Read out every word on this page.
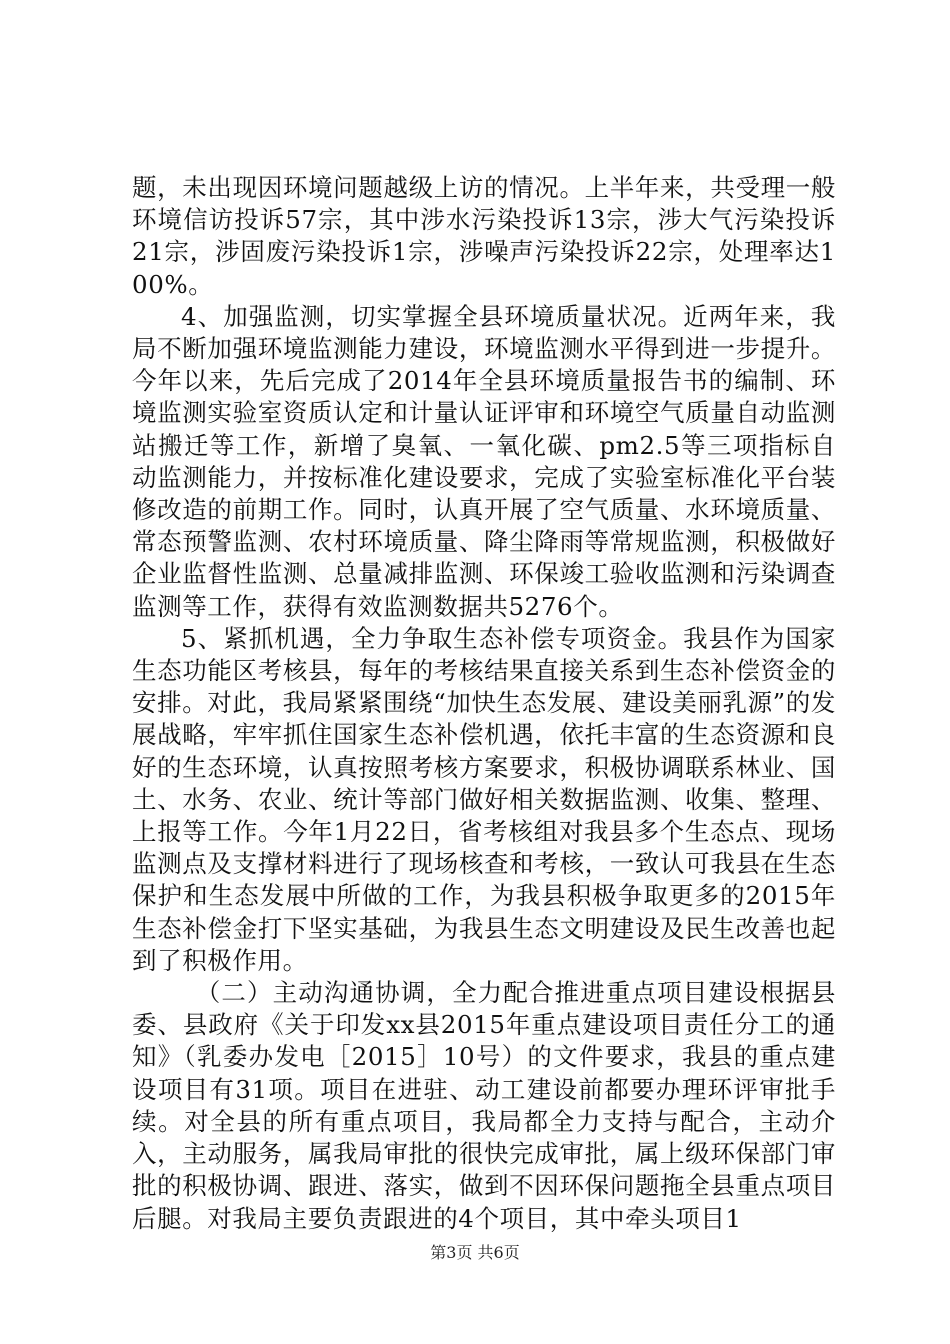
题，未出现因环境问题越级上访的情况。上半年来，共受理一般环境信访投诉57宗，其中涉水污染投诉13宗，涉大气污染投诉21宗，涉固废污染投诉1宗，涉噪声污染投诉22宗，处理率达100%。

4、加强监测，切实掌握全县环境质量状况。近两年来，我局不断加强环境监测能力建设，环境监测水平得到进一步提升。今年以来，先后完成了2014年全县环境质量报告书的编制、环境监测实验室资质认定和计量认证评审和环境空气质量自动监测站搬迁等工作，新增了臭氧、一氧化碳、pm2.5等三项指标自动监测能力，并按标准化建设要求，完成了实验室标准化平台装修改造的前期工作。同时，认真开展了空气质量、水环境质量、常态预警监测、农村环境质量、降尘降雨等常规监测，积极做好企业监督性监测、总量减排监测、环保竣工验收监测和污染调查监测等工作，获得有效监测数据共5276个。

5、紧抓机遇，全力争取生态补偿专项资金。我县作为国家生态功能区考核县，每年的考核结果直接关系到生态补偿资金的安排。对此，我局紧紧围绕“加快生态发展、建设美丽乳源”的发展战略，牢牢抓住国家生态补偿机遇，依托丰富的生态资源和良好的生态环境，认真按照考核方案要求，积极协调联系林业、国土、水务、农业、统计等部门做好相关数据监测、收集、整理、上报等工作。今年1月22日，省考核组对我县多个生态点、现场监测点及支撑材料进行了现场核查和考核，一致认可我县在生态保护和生态发展中所做的工作，为我县积极争取更多的2015年生态补偿金打下坚实基础，为我县生态文明建设及民生改善也起到了积极作用。

（二）主动沟通协调，全力配合推进重点项目建设根据县委、县政府《关于印发xx县2015年重点建设项目责任分工的通知》（乳委办发电［2015］10号）的文件要求，我县的重点建设项目有31项。项目在进驻、动工建设前都要办理环评审批手续。对全县的所有重点项目，我局都全力支持与配合，主动介入，主动服务，属我局审批的很快完成审批，属上级环保部门审批的积极协调、跟进、落实，做到不因环保问题拖全县重点项目后腿。对我局主要负责跟进的4个项目，其中牵头项目1

第3页 共6页
